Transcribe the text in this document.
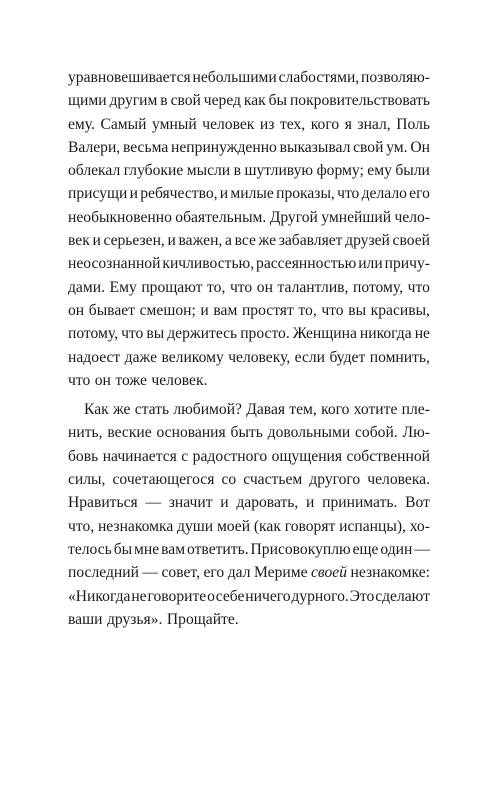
уравновешивается небольшими слабостями, позволяю-
щими другим в свой черед как бы покровительствовать
ему. Самый умный человек из тех, кого я знал, Поль
Валери, весьма непринужденно выказывал свой ум. Он
облекал глубокие мысли в шутливую форму; ему были
присущи и ребячество, и милые проказы, что делало его
необыкновенно обаятельным. Другой умнейший чело-
век и серьезен, и важен, а все же забавляет друзей своей
неосознанной кичливостью, рассеянностью или причу-
дами. Ему прощают то, что он талантлив, потому, что
он бывает смешон; и вам простят то, что вы красивы,
потому, что вы держитесь просто. Женщина никогда не
надоест даже великому человеку, если будет помнить,
что он тоже человек.
Как же стать любимой? Давая тем, кого хотите пле-
нить, веские основания быть довольными собой. Лю-
бовь начинается с радостного ощущения собственной
силы, сочетающегося со счастьем другого человека.
Нравиться — значит и даровать, и принимать. Вот
что, незнакомка души моей (как говорят испанцы), хо-
телось бы мне вам ответить. Присовокуплю еще один —
последний — совет, его дал Мериме своей незнакомке:
«Никогда не говорите о себе ничего дурного. Это сделают
ваши друзья». Прощайте.
